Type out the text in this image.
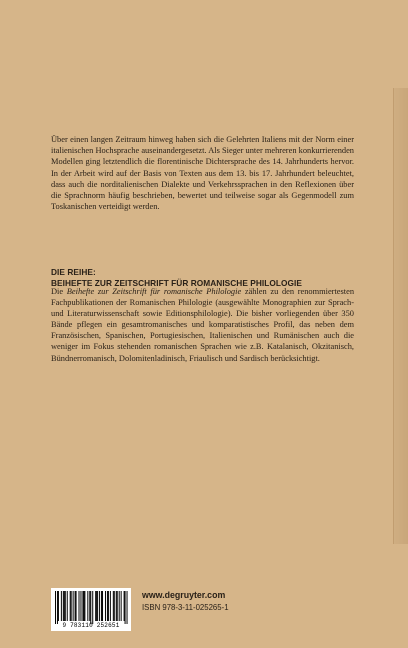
Über einen langen Zeitraum hinweg haben sich die Gelehrten Italiens mit der Norm einer italienischen Hochsprache auseinandergesetzt. Als Sieger unter mehreren konkurrierenden Modellen ging letztendlich die florentinische Dichtersprache des 14. Jahrhunderts hervor. In der Arbeit wird auf der Basis von Texten aus dem 13. bis 17. Jahrhundert beleuchtet, dass auch die norditalienischen Dialekte und Verkehrssprachen in den Reflexionen über die Sprachnorm häufig beschrieben, bewertet und teilweise sogar als Gegenmodell zum Toskanischen verteidigt werden.

DIE REIHE:
BEIHEFTE ZUR ZEITSCHRIFT FÜR ROMANISCHE PHILOLOGIE

Die Beihefte zur Zeitschrift für romanische Philologie zählen zu den renommiertesten Fachpublikationen der Romanischen Philologie (ausgewählte Monographien zur Sprach- und Literaturwissenschaft sowie Editionsphilologie). Die bisher vorliegenden über 350 Bände pflegen ein gesamtromanisches und komparatistisches Profil, das neben dem Französischen, Spanischen, Portugiesischen, Italienischen und Rumänischen auch die weniger im Fokus stehenden romanischen Sprachen wie z.B. Katalanisch, Okzitanisch, Bündnerromanisch, Dolomitenladinisch, Friaulisch und Sardisch berücksichtigt.

9 783110 252651
www.degruyter.com
ISBN 978-3-11-025265-1
